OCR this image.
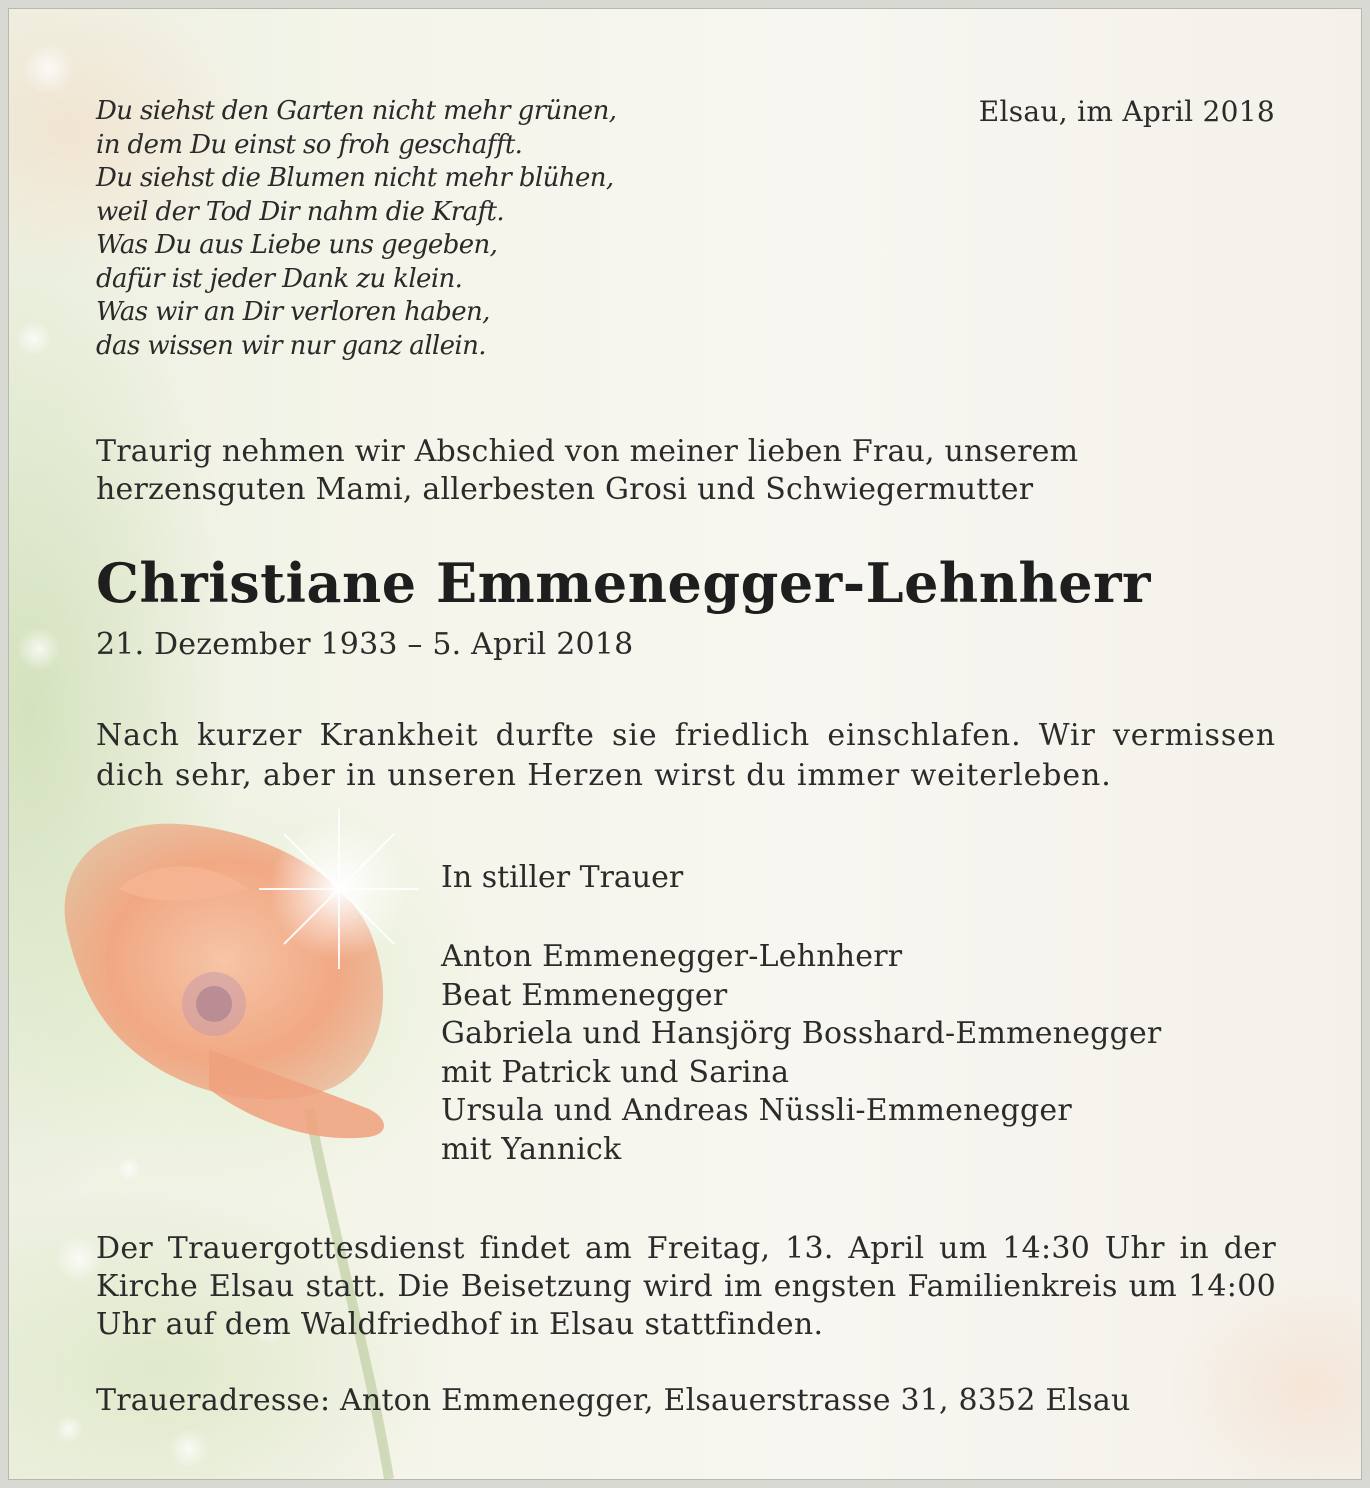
Du siehst den Garten nicht mehr grünen,
in dem Du einst so froh geschafft.
Du siehst die Blumen nicht mehr blühen,
weil der Tod Dir nahm die Kraft.
Was Du aus Liebe uns gegeben,
dafür ist jeder Dank zu klein.
Was wir an Dir verloren haben,
das wissen wir nur ganz allein.
Elsau, im April 2018
Traurig nehmen wir Abschied von meiner lieben Frau, unserem
herzensguten Mami, allerbesten Grosi und Schwiegermutter
Christiane Emmenegger-Lehnherr
21. Dezember 1933 – 5. April 2018
Nach kurzer Krankheit durfte sie friedlich einschlafen. Wir vermissen dich sehr, aber in unseren Herzen wirst du immer weiterleben.
In stiller Trauer
Anton Emmenegger-Lehnherr
Beat Emmenegger
Gabriela und Hansjörg Bosshard-Emmenegger
mit Patrick und Sarina
Ursula und Andreas Nüssli-Emmenegger
mit Yannick
Der Trauergottesdienst findet am Freitag, 13. April um 14:30 Uhr in der Kirche Elsau statt. Die Beisetzung wird im engsten Familienkreis um 14:00 Uhr auf dem Waldfriedhof in Elsau stattfinden.
Traueradresse: Anton Emmenegger, Elsauerstrasse 31, 8352 Elsau
